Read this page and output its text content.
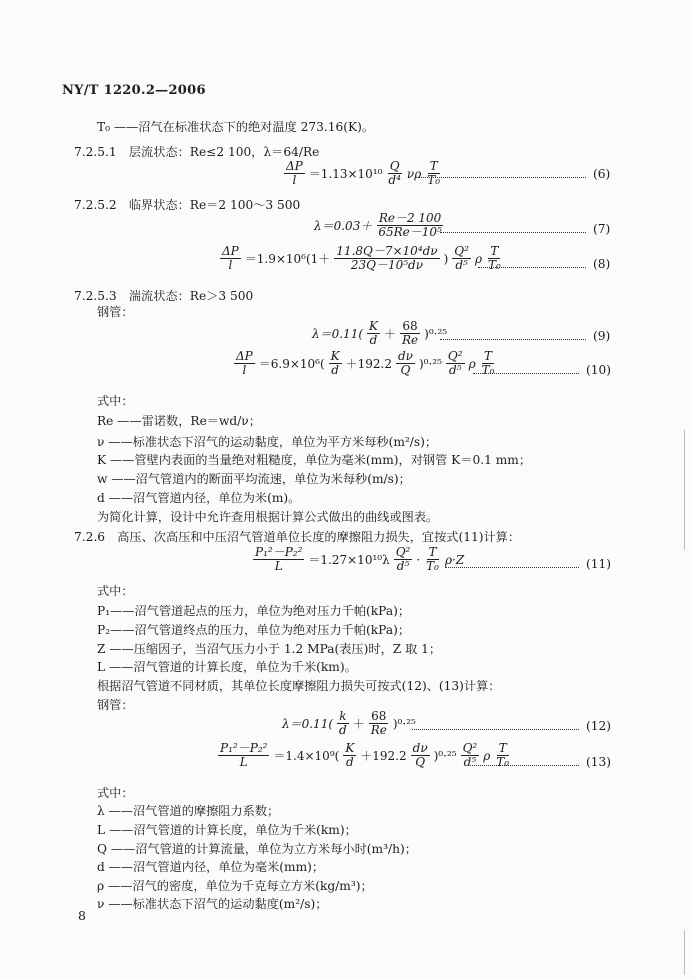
NY/T 1220.2—2006
T₀ ——沼气在标准状态下的绝对温度 273.16(K)。
7.2.5.1　层流状态：Re≤2 100，λ＝64/Re
$\frac{\Delta P}{l} =1.13\times 10^{10} \frac{Q}{\text{d⁴}}$ νρ $\frac{T}{\text{T₀}}$	(6)
7.2.5.2　临界状态：Re＝2 100～3 500
$\lambda=0.03+ \frac{Re-2 100}{\text{65Re－10⁵}}$	(7)
$\frac{\Delta P}{l} =1.9\times 10^6(1+ \frac{\text{11.8Q－7×10⁴dν}}{\text{23Q－10⁵dν}}$ ) $\frac{\text{Q²}}{\text{d⁵}}$ ρ $\frac{T}{\text{T₀}}$	(8)
7.2.5.3　湍流状态：Re＞3 500
钢管：
$\lambda=0.11( \frac{K}{d} + \frac{68}{Re} )^0\cdot^{25}$	(9)
$\frac{\Delta P}{l} =6.9\times 10^6( \frac{K}{d} +192.2 \frac{d\nu}{Q} )^0\cdot^{25} \frac{\text{Q²}}{\text{d⁵}}$ ρ $\frac{T}{\text{T₀}}$	(10)
式中：
Re ——雷诺数，Re＝wd/ν；
ν ——标准状态下沼气的运动黏度，单位为平方米每秒(m²/s)；
K ——管壁内表面的当量绝对粗糙度，单位为毫米(mm)，对钢管 K＝0.1 mm；
w ——沼气管道内的断面平均流速，单位为米每秒(m/s)；
d ——沼气管道内径，单位为米(m)。
为简化计算，设计中允许查用根据计算公式做出的曲线或图表。
7.2.6　高压、次高压和中压沼气管道单位长度的摩擦阻力损失，宜按式(11)计算：
$\frac{\text{P₁²－P₂²}}{L} =1.27\times 10^{10}\lambda \frac{\text{Q²}}{\text{d⁵}} \cdot \frac{T}{\text{T₀}} \rho\cdot Z$	(11)
式中：
P₁——沼气管道起点的压力，单位为绝对压力千帕(kPa)；
P₂——沼气管道终点的压力，单位为绝对压力千帕(kPa)；
Z ——压缩因子，当沼气压力小于 1.2 MPa(表压)时，Z 取 1；
L ——沼气管道的计算长度，单位为千米(km)。
根据沼气管道不同材质，其单位长度摩擦阻力损失可按式(12)、(13)计算：
钢管：
$\lambda=0.11( \frac{k}{d} + \frac{68}{Re} )^0\cdot^{25}$	(12)
$\frac{\text{P₁²－P₂²}}{L} =1.4\times 10^9( \frac{K}{d} +192.2 \frac{d\nu}{Q} )^0\cdot^{25} \frac{\text{Q²}}{\text{d⁵}}$ ρ $\frac{T}{\text{T₀}}$	(13)
式中：
λ ——沼气管道的摩擦阻力系数；
L ——沼气管道的计算长度，单位为千米(km)；
Q ——沼气管道的计算流量，单位为立方米每小时(m³/h)；
d ——沼气管道内径，单位为毫米(mm)；
ρ ——沼气的密度，单位为千克每立方米(kg/m³)；
ν ——标准状态下沼气的运动黏度(m²/s)；
8
